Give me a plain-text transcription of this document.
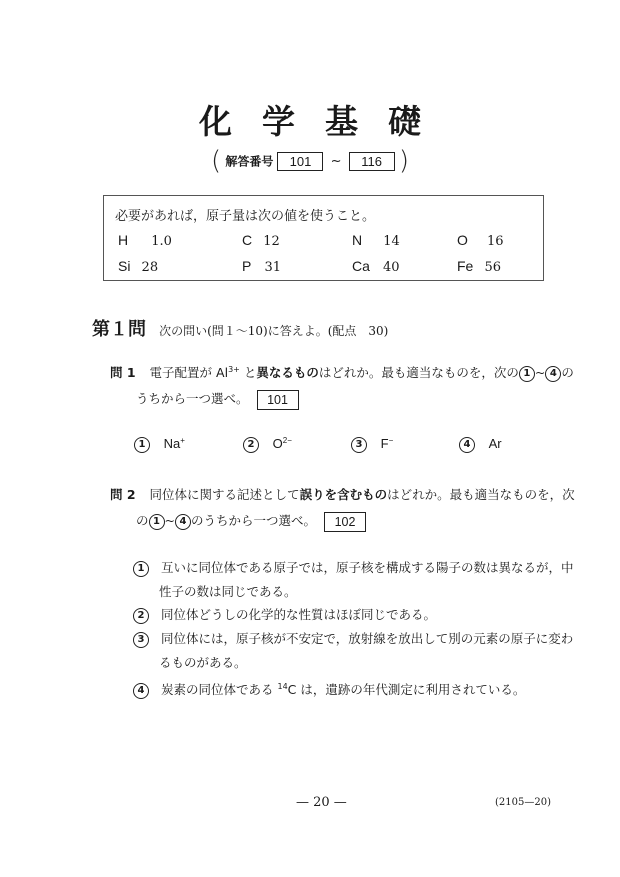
化学基礎
( 解答番号 101 ~ 116 )
必要があれば，原子量は次の値を使うこと。
H 1.0	C 12	N 14	O 16
Si 28	P 31	Ca 40	Fe 56
第１問 次の問い(問１～10)に答えよ。(配点　30)
問 1 電子配置が $Al^{3+}$ と異なるものはどれか。最も適当なものを，次の 1 ~ 4 の
うちから一つ選べ。 101
1 Na+	2 $O^{2-}$	3 F−	4 Ar
問 2 同位体に関する記述として誤りを含むものはどれか。最も適当なものを，次
の 1 ~ 4 のうちから一つ選べ。 102
1 互いに同位体である原子では，原子核を構成する陽子の数は異なるが，中
性子の数は同じである。
2 同位体どうしの化学的な性質はほぼ同じである。
3 同位体には，原子核が不安定で，放射線を放出して別の元素の原子に変わ
るものがある。
4 炭素の同位体である $^{14}$C は，遺跡の年代測定に利用されている。
— 20 —	(2105—20)
